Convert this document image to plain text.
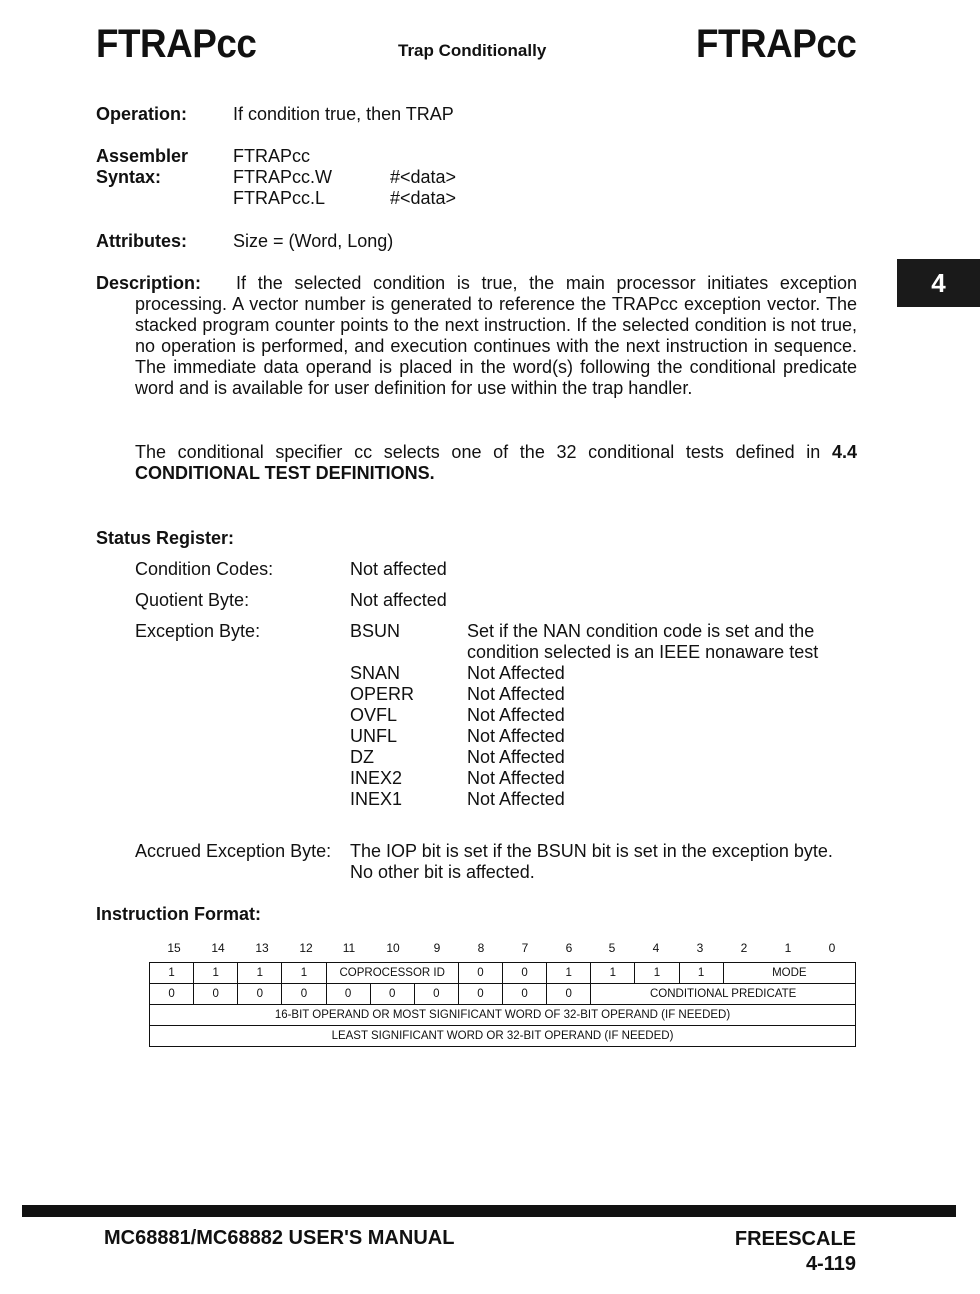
FTRAPcc	Trap Conditionally	FTRAPcc
4
Operation:	If condition true, then TRAP
Assembler
Syntax:
FTRAPcc
FTRAPcc.W	#<data>
FTRAPcc.L	#<data>
Attributes:	Size = (Word, Long)
Description: If the selected condition is true, the main processor initiates exception
processing. A vector number is generated to reference the TRAPcc exception vector. The stacked program counter points to the next instruction. If the selected condition is not true, no operation is performed, and execution continues with the next instruction in sequence. The immediate data operand is placed in the word(s) following the conditional predicate word and is available for user definition for use within the trap handler.
The conditional specifier cc selects one of the 32 conditional tests defined in 4.4 CONDITIONAL TEST DEFINITIONS.
Status Register:
Condition Codes:	Not affected
Quotient Byte:	Not affected
Exception Byte:	BSUN	Set if the NAN condition code is set and the
condition selected is an IEEE nonaware test
SNAN	Not Affected
OPERR	Not Affected
OVFL	Not Affected
UNFL	Not Affected
DZ	Not Affected
INEX2	Not Affected
INEX1	Not Affected
Accrued Exception Byte: The IOP bit is set if the BSUN bit is set in the exception byte.
No other bit is affected.
Instruction Format:
15	14	13	12	11	10	9	8	7	6	5	4	3	2	1	0
1	1	1	1	COPROCESSOR ID			0	0	1	1	1	1	MODE
0	0	0	0	0	0	0	0	0	0	CONDITIONAL PREDICATE			
16-BIT OPERAND OR MOST SIGNIFICANT WORD OF 32-BIT OPERAND (IF NEEDED)													
LEAST SIGNIFICANT WORD OR 32-BIT OPERAND (IF NEEDED)													
MC68881/MC68882 USER'S MANUAL	FREESCALE
4-119
